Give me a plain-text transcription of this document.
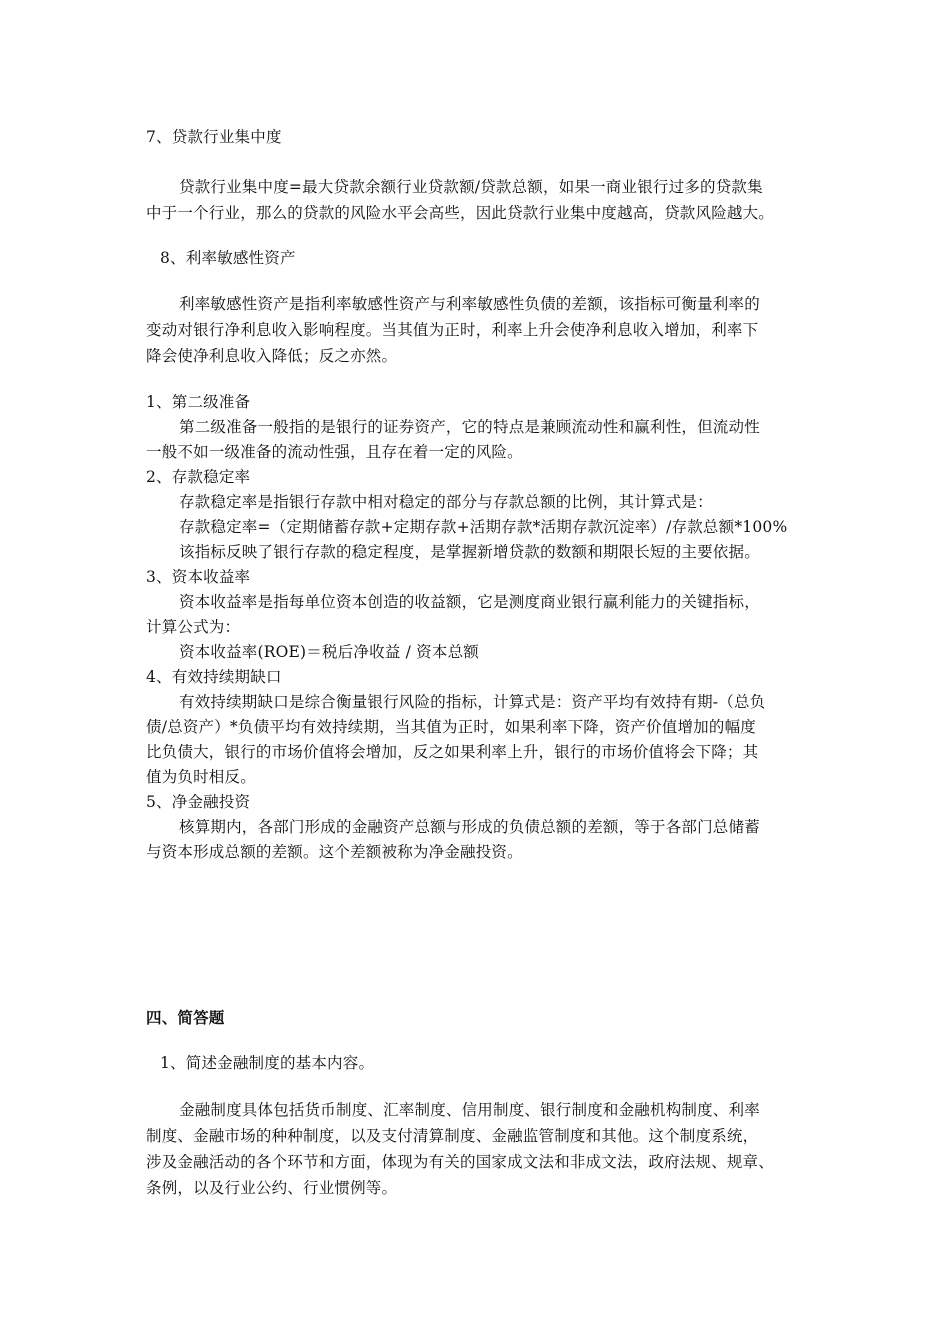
7、贷款行业集中度
贷款行业集中度=最大贷款余额行业贷款额/贷款总额，如果一商业银行过多的贷款集
中于一个行业，那么的贷款的风险水平会高些，因此贷款行业集中度越高，贷款风险越大。
8、利率敏感性资产
利率敏感性资产是指利率敏感性资产与利率敏感性负债的差额，该指标可衡量利率的
变动对银行净利息收入影响程度。当其值为正时，利率上升会使净利息收入增加，利率下
降会使净利息收入降低；反之亦然。
1、第二级准备
第二级准备一般指的是银行的证券资产，它的特点是兼顾流动性和赢利性，但流动性
一般不如一级准备的流动性强，且存在着一定的风险。
2、存款稳定率
存款稳定率是指银行存款中相对稳定的部分与存款总额的比例，其计算式是：
存款稳定率=（定期储蓄存款+定期存款+活期存款*活期存款沉淀率）/存款总额*100%
该指标反映了银行存款的稳定程度，是掌握新增贷款的数额和期限长短的主要依据。
3、资本收益率
资本收益率是指每单位资本创造的收益额，它是测度商业银行赢利能力的关键指标，
计算公式为：
资本收益率(ROE)＝税后净收益 / 资本总额
4、有效持续期缺口
有效持续期缺口是综合衡量银行风险的指标，计算式是：资产平均有效持有期-（总负
债/总资产）*负债平均有效持续期，当其值为正时，如果利率下降，资产价值增加的幅度
比负债大，银行的市场价值将会增加，反之如果利率上升，银行的市场价值将会下降；其
值为负时相反。
5、净金融投资
核算期内，各部门形成的金融资产总额与形成的负债总额的差额，等于各部门总储蓄
与资本形成总额的差额。这个差额被称为净金融投资。
四、简答题
1、简述金融制度的基本内容。
金融制度具体包括货币制度、汇率制度、信用制度、银行制度和金融机构制度、利率
制度、金融市场的种种制度，以及支付清算制度、金融监管制度和其他。这个制度系统，
涉及金融活动的各个环节和方面，体现为有关的国家成文法和非成文法，政府法规、规章、
条例，以及行业公约、行业惯例等。
